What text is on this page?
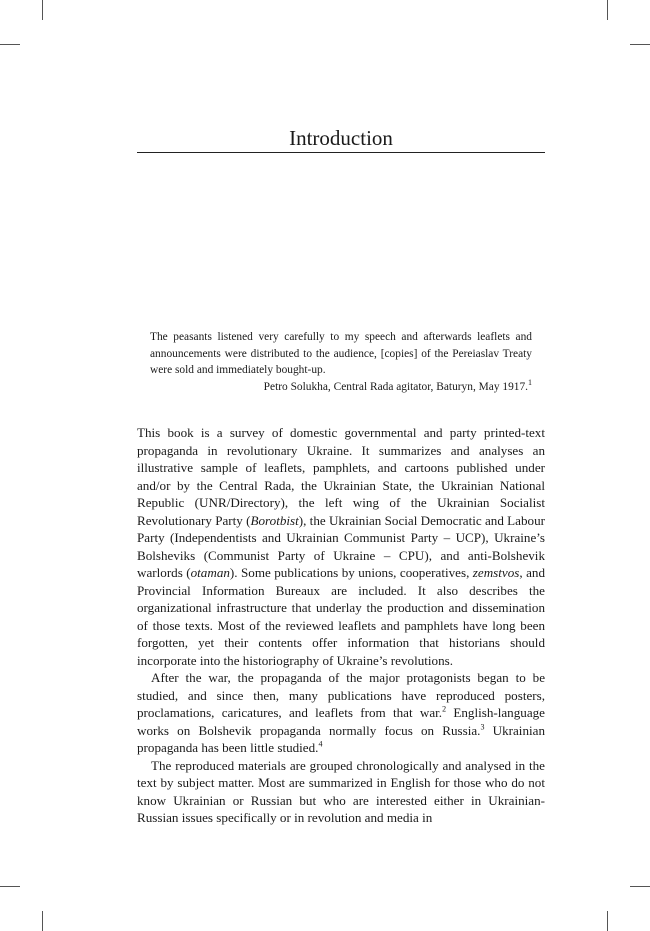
Introduction

The peasants listened very carefully to my speech and afterwards leaflets and announcements were distributed to the audience, [copies] of the Pereiaslav Treaty were sold and immediately bought-up.

Petro Solukha, Central Rada agitator, Baturyn, May 1917.$^1$

This book is a survey of domestic governmental and party printed-text propaganda in revolutionary Ukraine. It summarizes and analyses an illustrative sample of leaflets, pamphlets, and cartoons published under and/or by the Central Rada, the Ukrainian State, the Ukrainian National Republic (UNR/Directory), the left wing of the Ukrainian Socialist Revolutionary Party (Borotbist), the Ukrainian Social Democratic and Labour Party (Independentists and Ukrainian Communist Party – UCP), Ukraine’s Bolsheviks (Communist Party of Ukraine – CPU), and anti-Bolshevik warlords (otaman). Some publications by unions, cooperatives, zemstvos, and Provincial Information Bureaux are included. It also describes the organizational infrastructure that underlay the production and dissemination of those texts. Most of the reviewed leaflets and pamphlets have long been forgotten, yet their contents offer information that historians should incorporate into the historiography of Ukraine’s revolutions.

After the war, the propaganda of the major protagonists began to be studied, and since then, many publications have reproduced posters, proclamations, caricatures, and leaflets from that war.$^2$ English-language works on Bolshevik propaganda normally focus on Russia.$^3$ Ukrainian propaganda has been little studied.$^4$

The reproduced materials are grouped chronologically and analysed in the text by subject matter. Most are summarized in English for those who do not know Ukrainian or Russian but who are interested either in Ukrainian-Russian issues specifically or in revolution and media in
